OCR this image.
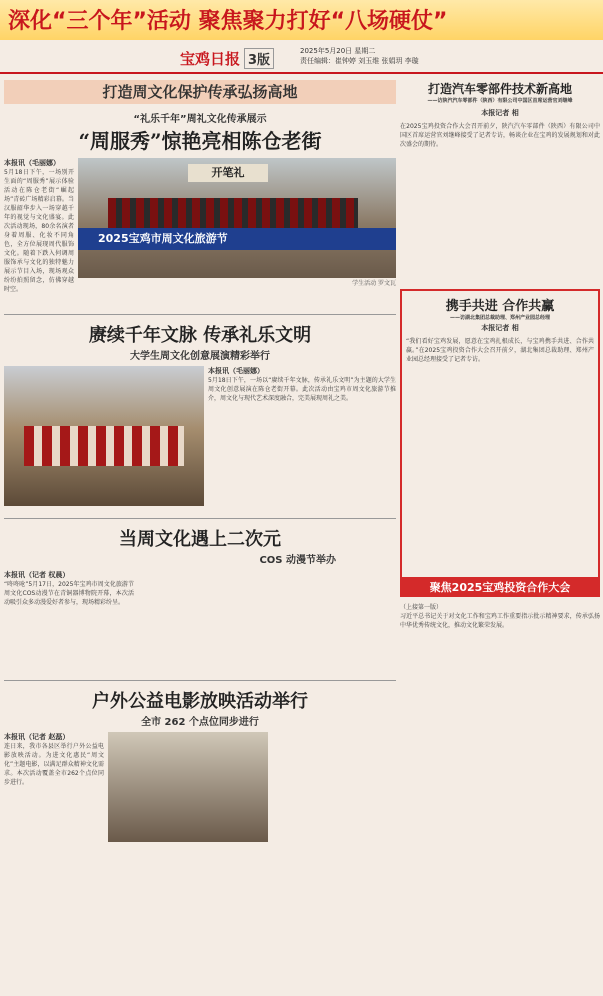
深化“三个年”活动 聚焦聚力打好“八场硬仗”
宝鸡日报 3版
2025年5月20日 星期二
责任编辑：崔钟婷 刘玉维 张娟玥 李璇
打造周文化保护传承弘扬高地
“礼乐千年”周礼文化传承展示
“周服秀”惊艳亮相陈仓老街
本报讯（毛丽娜）
5月18日下午，一场别开生面的“周服秀”展示体验活动在陈仓老街“崛起场”青砖广场精彩启幕。当汉服韶华步入一场穿越千年的视觉与文化盛宴。此次活动现场，80余名演者身着周服、化妆不同角色，全方位展现周代服饰文化。随着下跌入何调周服饰承与文化的独特魅力展示节目入场，现场观众纷纷拍照留念，仿佛穿越时空。
开笔礼
2025宝鸡市周文化旅游节
学生活动 罗文瓦
赓续千年文脉 传承礼乐文明
大学生周文化创意展演精彩举行
本报讯（毛丽娜）
5月18日下午，一场以“赓续千年文脉，传承礼乐文明”为主题的大学生周文化创意展演在陈仓老街开幕。此次活动由宝鸡市周文化旅游节推介，周文化与现代艺术深度融合，完美展现周礼之美。
当周文化遇上二次元
COS 动漫节举办
本报讯（记者 权晨）
“咚咚呛”5月17日，2025年宝鸡市周文化旅游节周文化COS动漫节在青铜器博物院开幕，本次活动吸引众多动漫爱好者参与，现场精彩纷呈。
户外公益电影放映活动举行
全市 262 个点位同步进行
本报讯（记者 赵磊）
连日来，我市各县区举行户外公益电影放映活动。为进文化惠民“周文化”主题电影，以满足群众精神文化需求。本次活动覆盖全市262个点位同步进行。
打造汽车零部件技术新高地
——访陕汽汽车零部件（陕西）有限公司中国区首席运营官刘继峰
本报记者 相
在2025宝鸡投资合作大会召开前夕，陕汽汽车零部件（陕西）有限公司中国区首席运营官刘继峰接受了记者专访，畅谈企业在宝鸡的发展规划和对此次盛会的期待。
携手共进 合作共赢
——访湖北集团总裁助理、郑州产业园总经理
本报记者 相
“我们看好宝鸡发展，愿意在宝鸡扎根成长，与宝鸡携手共进、合作共赢。”在2025宝鸡投资合作大会召开前夕，湖北集团总裁助理、郑州产业园总经理接受了记者专访。
聚焦2025宝鸡投资合作大会
（上接第一版）
习近平总书记关于对文化工作和宝鸡工作重要指示批示精神要求，传承弘扬中华优秀传统文化，推动文化繁荣发展。
